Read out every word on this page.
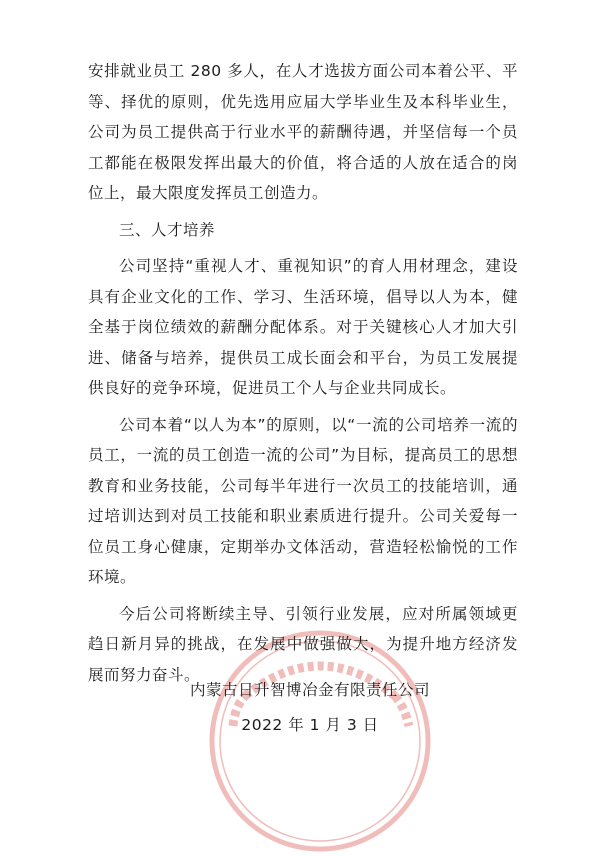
安排就业员工 280 多人，在人才选拔方面公司本着公平、平等、择优的原则，优先选用应届大学毕业生及本科毕业生，公司为员工提供高于行业水平的薪酬待遇，并坚信每一个员工都能在极限发挥出最大的价值，将合适的人放在适合的岗位上，最大限度发挥员工创造力。

三、人才培养

公司坚持“重视人才、重视知识”的育人用材理念，建设具有企业文化的工作、学习、生活环境，倡导以人为本，健全基于岗位绩效的薪酬分配体系。对于关键核心人才加大引进、储备与培养，提供员工成长面会和平台，为员工发展提供良好的竞争环境，促进员工个人与企业共同成长。

公司本着“以人为本”的原则，以“一流的公司培养一流的员工，一流的员工创造一流的公司”为目标，提高员工的思想教育和业务技能，公司每半年进行一次员工的技能培训，通过培训达到对员工技能和职业素质进行提升。公司关爱每一位员工身心健康，定期举办文体活动，营造轻松愉悦的工作环境。

今后公司将断续主导、引领行业发展，应对所属领域更趋日新月异的挑战，在发展中做强做大，为提升地方经济发展而努力奋斗。

内蒙古日升智博冶金有限责任公司
2022 年 1 月 3 日
